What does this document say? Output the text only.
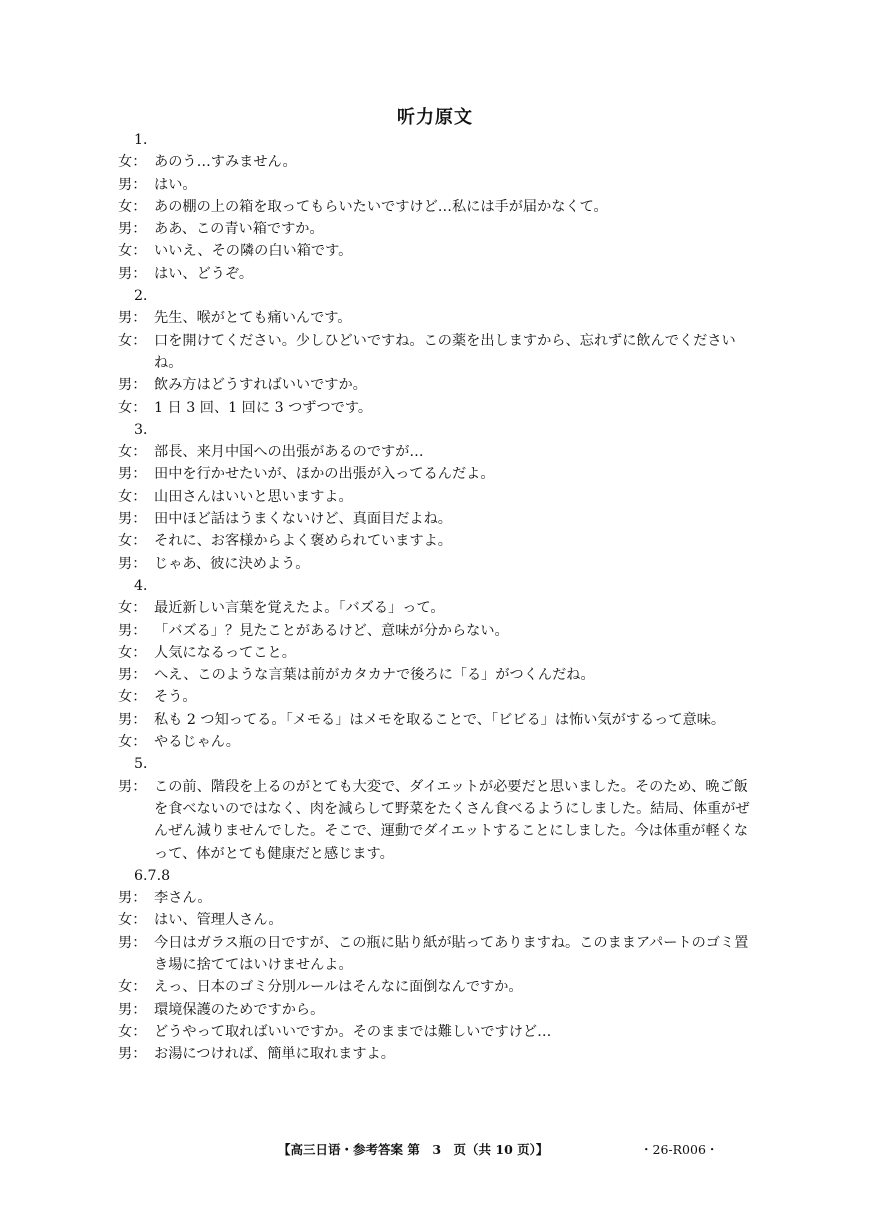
听力原文
1．
女： あのう…すみません。
男： はい。
女： あの棚の上の箱を取ってもらいたいですけど…私には手が届かなくて。
男： ああ、この青い箱ですか。
女： いいえ、その隣の白い箱です。
男： はい、どうぞ。
2．
男： 先生、喉がとても痛いんです。
女： 口を開けてください。少しひどいですね。この薬を出しますから、忘れずに飲んでくださいね。
男： 飲み方はどうすればいいですか。
女： 1 日 3 回、1 回に 3 つずつです。
3．
女： 部長、来月中国への出張があるのですが…
男： 田中を行かせたいが、ほかの出張が入ってるんだよ。
女： 山田さんはいいと思いますよ。
男： 田中ほど話はうまくないけど、真面目だよね。
女： それに、お客様からよく褒められていますよ。
男： じゃあ、彼に決めよう。
4．
女： 最近新しい言葉を覚えたよ。「バズる」って。
男： 「バズる」？見たことがあるけど、意味が分からない。
女： 人気になるってこと。
男： へえ、このような言葉は前がカタカナで後ろに「る」がつくんだね。
女： そう。
男： 私も 2 つ知ってる。「メモる」はメモを取ることで、「ビビる」は怖い気がするって意味。
女： やるじゃん。
5．
男： この前、階段を上るのがとても大変で、ダイエットが必要だと思いました。そのため、晩ご飯を食べないのではなく、肉を減らして野菜をたくさん食べるようにしました。結局、体重がぜんぜん減りませんでした。そこで、運動でダイエットすることにしました。今は体重が軽くなって、体がとても健康だと感じます。
6.7.8
男： 李さん。
女： はい、管理人さん。
男： 今日はガラス瓶の日ですが、この瓶に貼り紙が貼ってありますね。このままアパートのゴミ置き場に捨ててはいけませんよ。
女： えっ、日本のゴミ分別ルールはそんなに面倒なんですか。
男： 環境保護のためですから。
女： どうやって取ればいいですか。そのままでは難しいですけど…
男： お湯につければ、簡単に取れますよ。
【高三日语・参考答案 第　3　页（共 10 页）】	・26-R006・
